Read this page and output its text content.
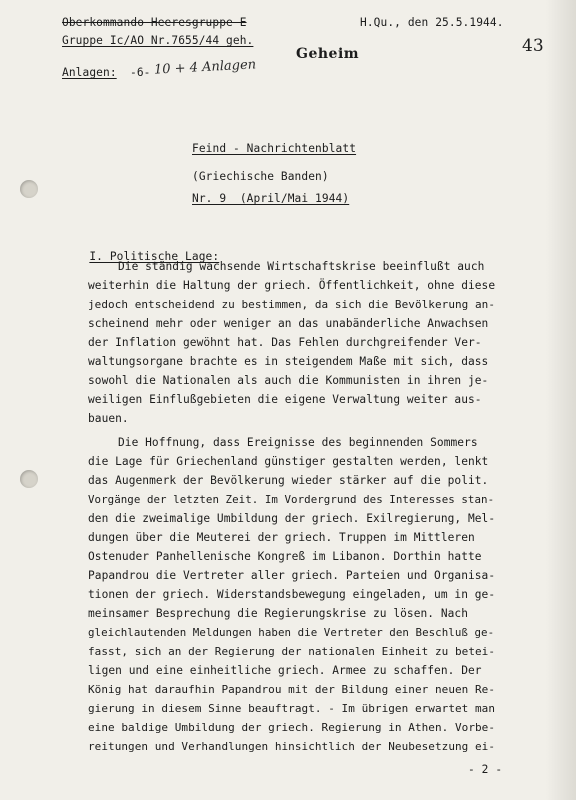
Oberkommando Heeresgruppe E
Gruppe Ic/AO Nr.7655/44 geh.
H.Qu., den 25.5.1944.
43
Geheim
Anlagen: -6- 10 + 4 Anlagen
Feind - Nachrichtenblatt
(Griechische Banden)
Nr. 9  (April/Mai 1944)

I. Politische Lage:

Die ständig wachsende Wirtschaftskrise beeinflußt auch
weiterhin die Haltung der griech. Öffentlichkeit, ohne diese
jedoch entscheidend zu bestimmen, da sich die Bevölkerung an-
scheinend mehr oder weniger an das unabänderliche Anwachsen
der Inflation gewöhnt hat. Das Fehlen durchgreifender Ver-
waltungsorgane brachte es in steigendem Maße mit sich, dass
sowohl die Nationalen als auch die Kommunisten in ihren je-
weiligen Einflußgebieten die eigene Verwaltung weiter aus-
bauen.
Die Hoffnung, dass Ereignisse des beginnenden Sommers
die Lage für Griechenland günstiger gestalten werden, lenkt
das Augenmerk der Bevölkerung wieder stärker auf die polit.
Vorgänge der letzten Zeit. Im Vordergrund des Interesses stan-
den die zweimalige Umbildung der griech. Exilregierung, Mel-
dungen über die Meuterei der griech. Truppen im Mittleren
Ostenuder Panhellenische Kongreß im Libanon. Dorthin hatte
Papandrou die Vertreter aller griech. Parteien und Organisa-
tionen der griech. Widerstandsbewegung eingeladen, um in ge-
meinsamer Besprechung die Regierungskrise zu lösen. Nach
gleichlautenden Meldungen haben die Vertreter den Beschluß ge-
fasst, sich an der Regierung der nationalen Einheit zu betei-
ligen und eine einheitliche griech. Armee zu schaffen. Der
König hat daraufhin Papandrou mit der Bildung einer neuen Re-
gierung in diesem Sinne beauftragt. - Im übrigen erwartet man
eine baldige Umbildung der griech. Regierung in Athen. Vorbe-
reitungen und Verhandlungen hinsichtlich der Neubesetzung ei-
- 2 -
